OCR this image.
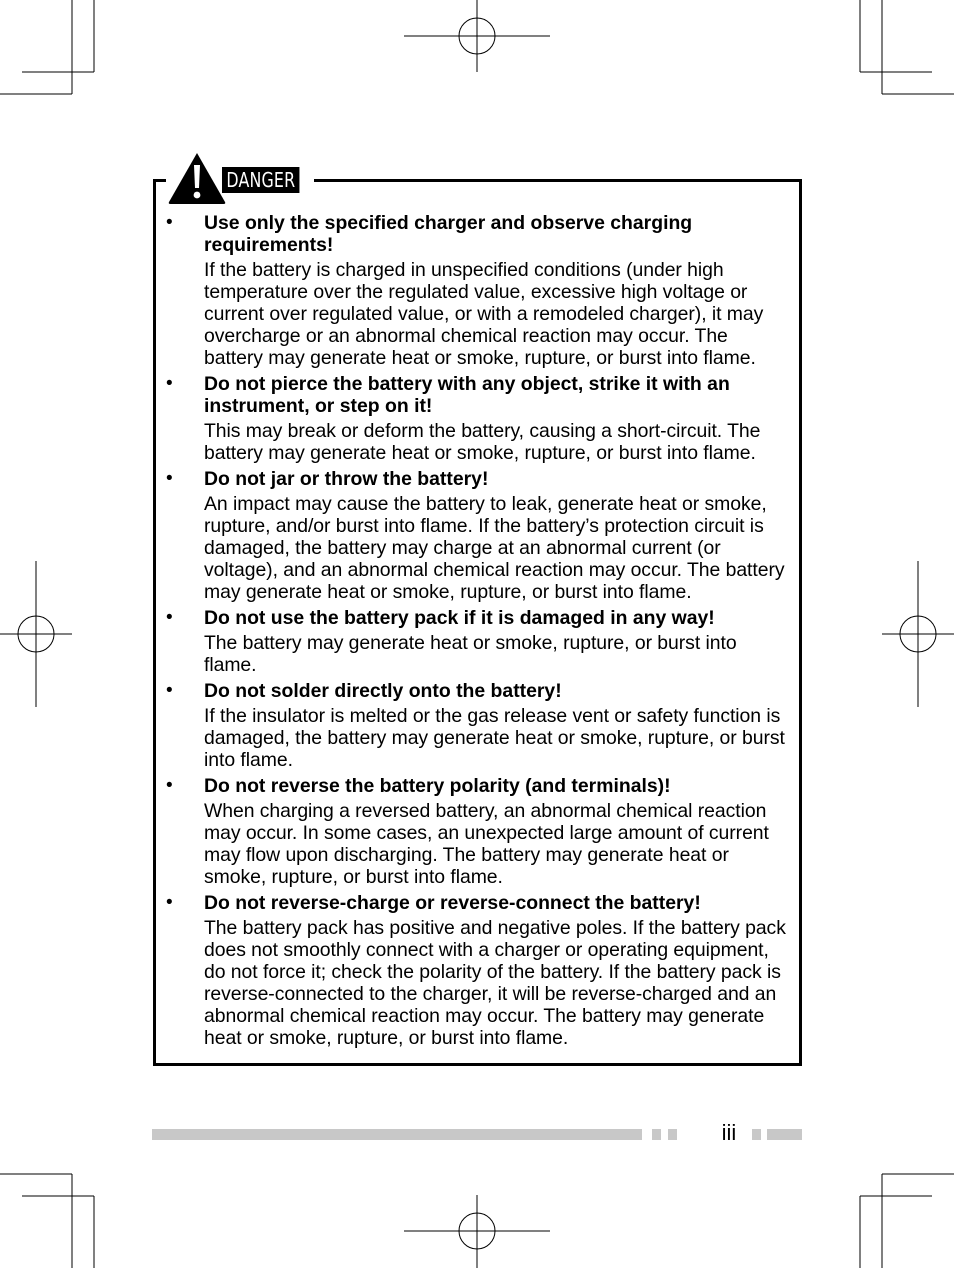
DANGER
• Use only the specified charger and observe charging requirements!
If the battery is charged in unspecified conditions (under high temperature over the regulated value, excessive high voltage or current over regulated value, or with a remodeled charger), it may overcharge or an abnormal chemical reaction may occur. The battery may generate heat or smoke, rupture, or burst into flame.
• Do not pierce the battery with any object, strike it with an instrument, or step on it!
This may break or deform the battery, causing a short-circuit. The battery may generate heat or smoke, rupture, or burst into flame.
• Do not jar or throw the battery!
An impact may cause the battery to leak, generate heat or smoke, rupture, and/or burst into flame. If the battery’s protection circuit is damaged, the battery may charge at an abnormal current (or voltage), and an abnormal chemical reaction may occur. The battery may generate heat or smoke, rupture, or burst into flame.
• Do not use the battery pack if it is damaged in any way!
The battery may generate heat or smoke, rupture, or burst into flame.
• Do not solder directly onto the battery!
If the insulator is melted or the gas release vent or safety function is damaged, the battery may generate heat or smoke, rupture, or burst into flame.
• Do not reverse the battery polarity (and terminals)!
When charging a reversed battery, an abnormal chemical reaction may occur. In some cases, an unexpected large amount of current may flow upon discharging. The battery may generate heat or smoke, rupture, or burst into flame.
• Do not reverse-charge or reverse-connect the battery!
The battery pack has positive and negative poles. If the battery pack does not smoothly connect with a charger or operating equipment, do not force it; check the polarity of the battery. If the battery pack is reverse-connected to the charger, it will be reverse-charged and an abnormal chemical reaction may occur. The battery may generate heat or smoke, rupture, or burst into flame.
iii
